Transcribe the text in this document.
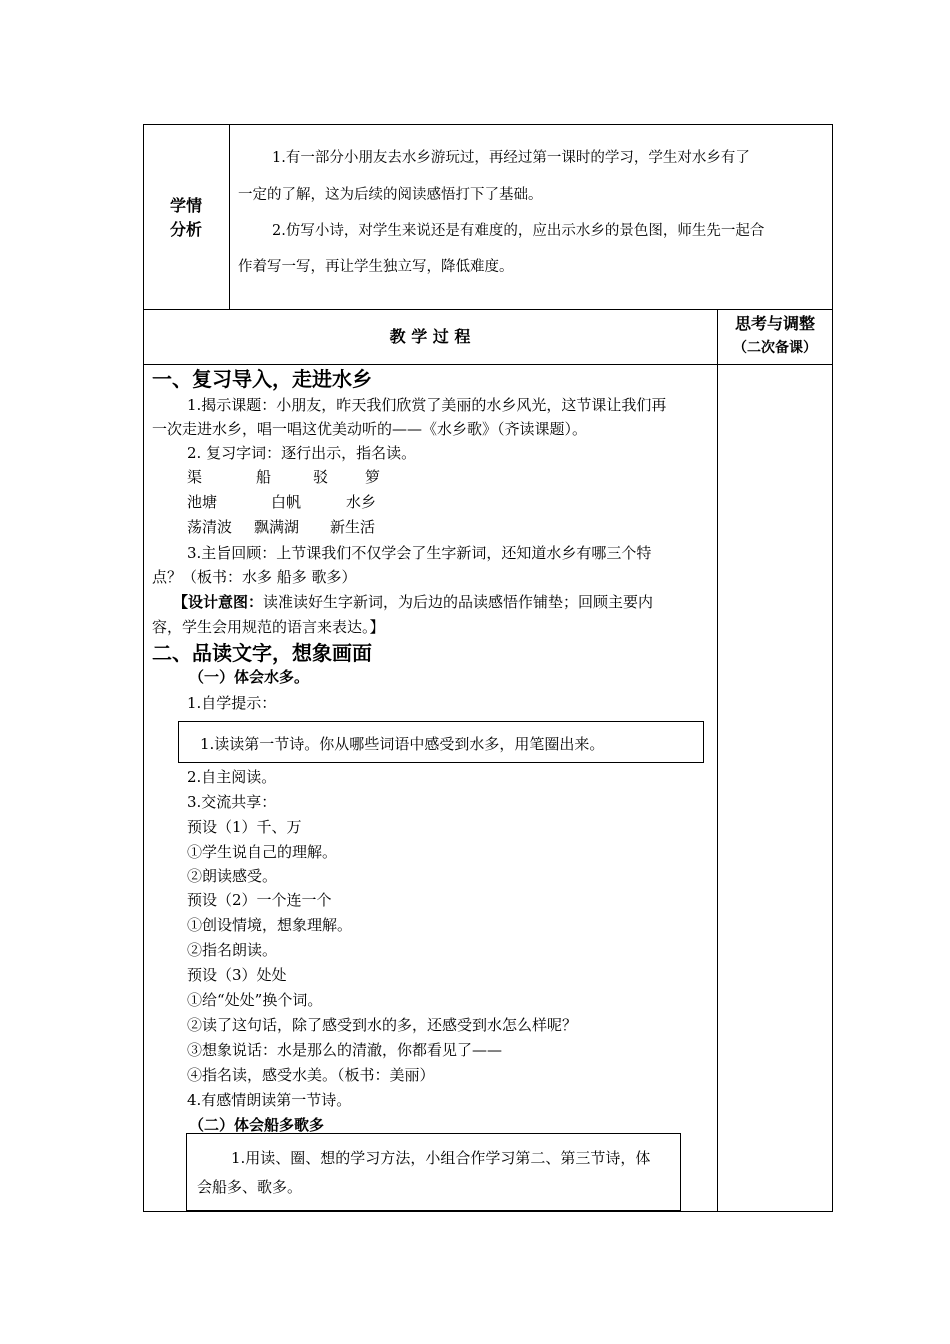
学情
分析
1.有一部分小朋友去水乡游玩过，再经过第一课时的学习，学生对水乡有了
一定的了解，这为后续的阅读感悟打下了基础。
2.仿写小诗，对学生来说还是有难度的，应出示水乡的景色图，师生先一起合
作着写一写，再让学生独立写，降低难度。
教 学 过 程
思考与调整
（二次备课）
一、复习导入，走进水乡
1.揭示课题：小朋友，昨天我们欣赏了美丽的水乡风光，这节课让我们再
一次走进水乡，唱一唱这优美动听的——《水乡歌》（齐读课题）。
2. 复习字词：逐行出示，指名读。
渠	船	驳 箩
池塘	白帆	水乡
荡清波 飘满湖 新生活
3.主旨回顾：上节课我们不仅学会了生字新词，还知道水乡有哪三个特
点？（板书：水多 船多 歌多）
【设计意图：读准读好生字新词，为后边的品读感悟作铺垫；回顾主要内
容，学生会用规范的语言来表达。】
二、品读文字，想象画面
（一）体会水多。
1.自学提示：
1.读读第一节诗。你从哪些词语中感受到水多，用笔圈出来。
2.自主阅读。
3.交流共享：
预设（1）千、万
①学生说自己的理解。
②朗读感受。
预设（2）一个连一个
①创设情境，想象理解。
②指名朗读。
预设（3）处处
①给“处处”换个词。
②读了这句话，除了感受到水的多，还感受到水怎么样呢？
③想象说话：水是那么的清澈，你都看见了——
④指名读，感受水美。（板书：美丽）
4.有感情朗读第一节诗。
（二）体会船多歌多
1.用读、圈、想的学习方法，小组合作学习第二、第三节诗，体
会船多、歌多。
